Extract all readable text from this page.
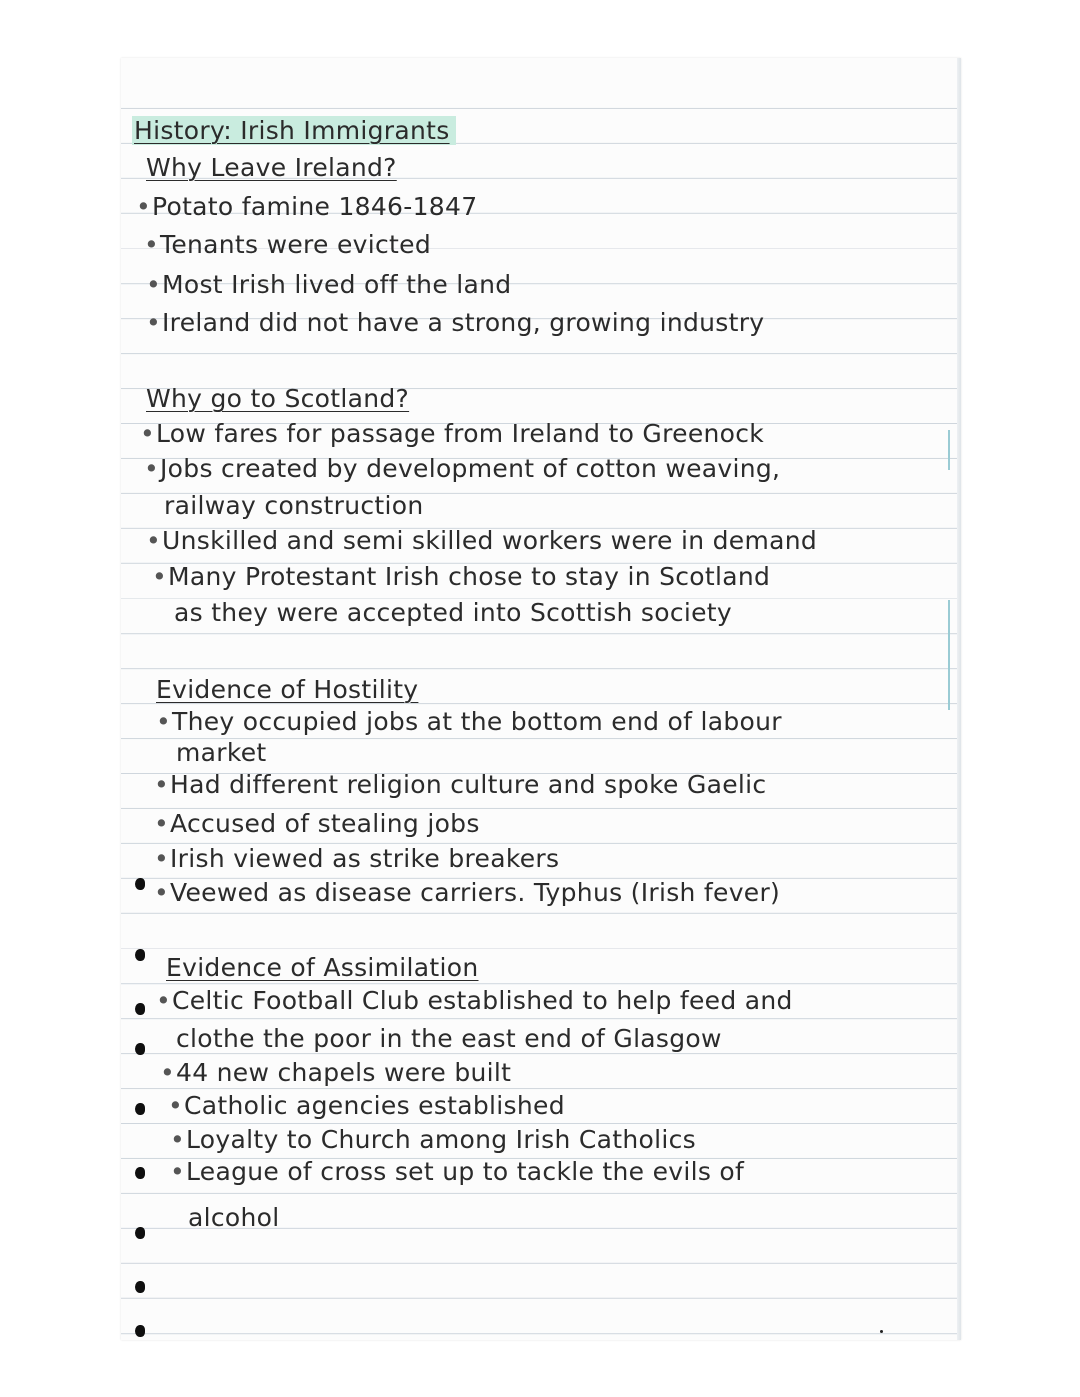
History: Irish Immigrants

Why Leave Ireland?

• Potato famine 1846-1847

• Tenants were evicted

• Most Irish lived off the land

• Ireland did not have a strong, growing industry

Why go to Scotland?

• Low fares for passage from Ireland to Greenock

• Jobs created by development of cotton weaving,

railway construction

• Unskilled and semi skilled workers were in demand

• Many Protestant Irish chose to stay in Scotland

as they were accepted into Scottish society

Evidence of Hostility

• They occupied jobs at the bottom end of labour

market

• Had different religion culture and spoke Gaelic

• Accused of stealing jobs

• Irish viewed as strike breakers

• Veewed as disease carriers. Typhus (Irish fever)

Evidence of Assimilation

• Celtic Football Club established to help feed and

clothe the poor in the east end of Glasgow

• 44 new chapels were built

• Catholic agencies established

• Loyalty to Church among Irish Catholics

• League of cross set up to tackle the evils of

alcohol
